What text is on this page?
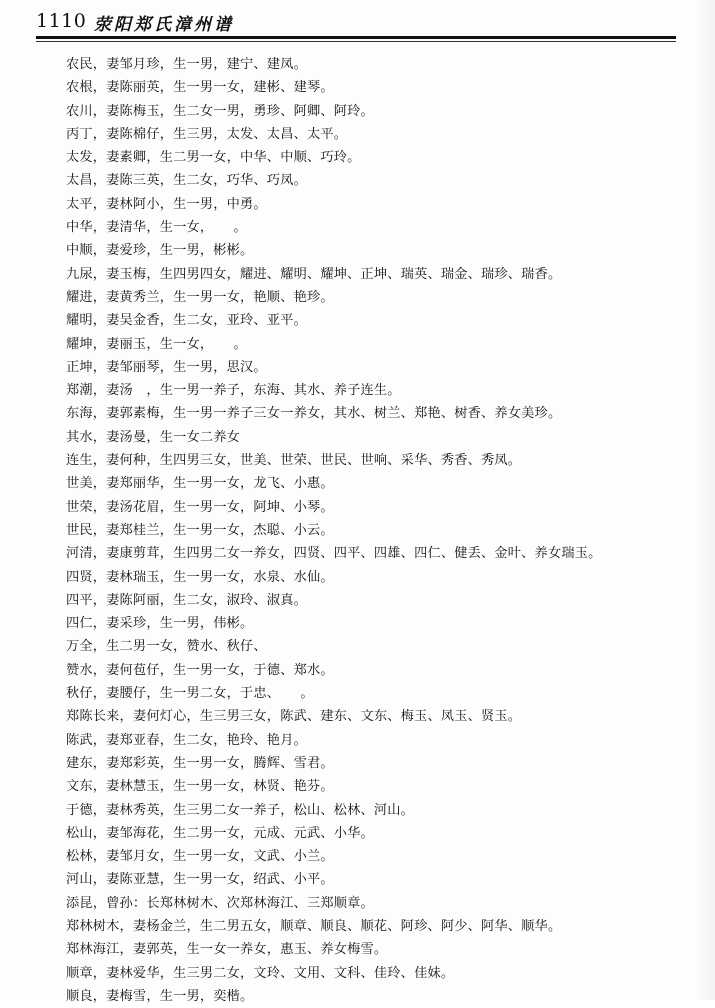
1110 荥阳郑氏漳州谱
农民，妻邹月珍，生一男，建宁、建凤。
农根，妻陈丽英，生一男一女，建彬、建琴。
农川，妻陈梅玉，生二女一男，勇珍、阿卿、阿玲。
丙丁，妻陈棉仔，生三男，太发、太昌、太平。
太发，妻素卿，生二男一女，中华、中顺、巧玲。
太昌，妻陈三英，生二女，巧华、巧凤。
太平，妻林阿小，生一男，中勇。
中华，妻清华，生一女，　　。
中顺，妻爱珍，生一男，彬彬。
九尿，妻玉梅，生四男四女，耀进、耀明、耀坤、正坤、瑞英、瑞金、瑞珍、瑞香。
耀进，妻黄秀兰，生一男一女，艳顺、艳珍。
耀明，妻吴金香，生二女，亚玲、亚平。
耀坤，妻丽玉，生一女，　　。
正坤，妻邹丽琴，生一男，思汉。
郑潮，妻汤　，生一男一养子，东海、其水、养子连生。
东海，妻郭素梅，生一男一养子三女一养女，其水、树兰、郑艳、树香、养女美珍。
其水，妻汤曼，生一女二养女
连生，妻何种，生四男三女，世美、世荣、世民、世响、采华、秀香、秀凤。
世美，妻郑丽华，生一男一女，龙飞、小惠。
世荣，妻汤花眉，生一男一女，阿坤、小琴。
世民，妻郑桂兰，生一男一女，杰聪、小云。
河清，妻康剪茸，生四男二女一养女，四贤、四平、四雄、四仁、健丢、金叶、养女瑞玉。
四贤，妻林瑞玉，生一男一女，水泉、水仙。
四平，妻陈阿丽，生二女，淑玲、淑真。
四仁，妻采珍，生一男，伟彬。
万全，生二男一女，赞水、秋仔、
赞水，妻何苞仔，生一男一女，于德、郑水。
秋仔，妻腰仔，生一男二女，于忠、　　。
郑陈长来，妻何灯心，生三男三女，陈武、建东、文东、梅玉、凤玉、贤玉。
陈武，妻郑亚春，生二女，艳玲、艳月。
建东，妻郑彩英，生一男一女，腾辉、雪君。
文东，妻林慧玉，生一男一女，林贤、艳芬。
于德，妻林秀英，生三男二女一养子，松山、松林、河山。
松山，妻邹海花，生二男一女，元成、元武、小华。
松林，妻邹月女，生一男一女，文武、小兰。
河山，妻陈亚慧，生一男一女，绍武、小平。
添昆，曾孙：长郑林树木、次郑林海江、三郑顺章。
郑林树木，妻杨金兰，生二男五女，顺章、顺良、顺花、阿珍、阿少、阿华、顺华。
郑林海江，妻郭英，生一女一养女，惠玉、养女梅雪。
顺章，妻林爱华，生三男二女，文玲、文用、文科、佳玲、佳妹。
顺良，妻梅雪，生一男，奕楷。
